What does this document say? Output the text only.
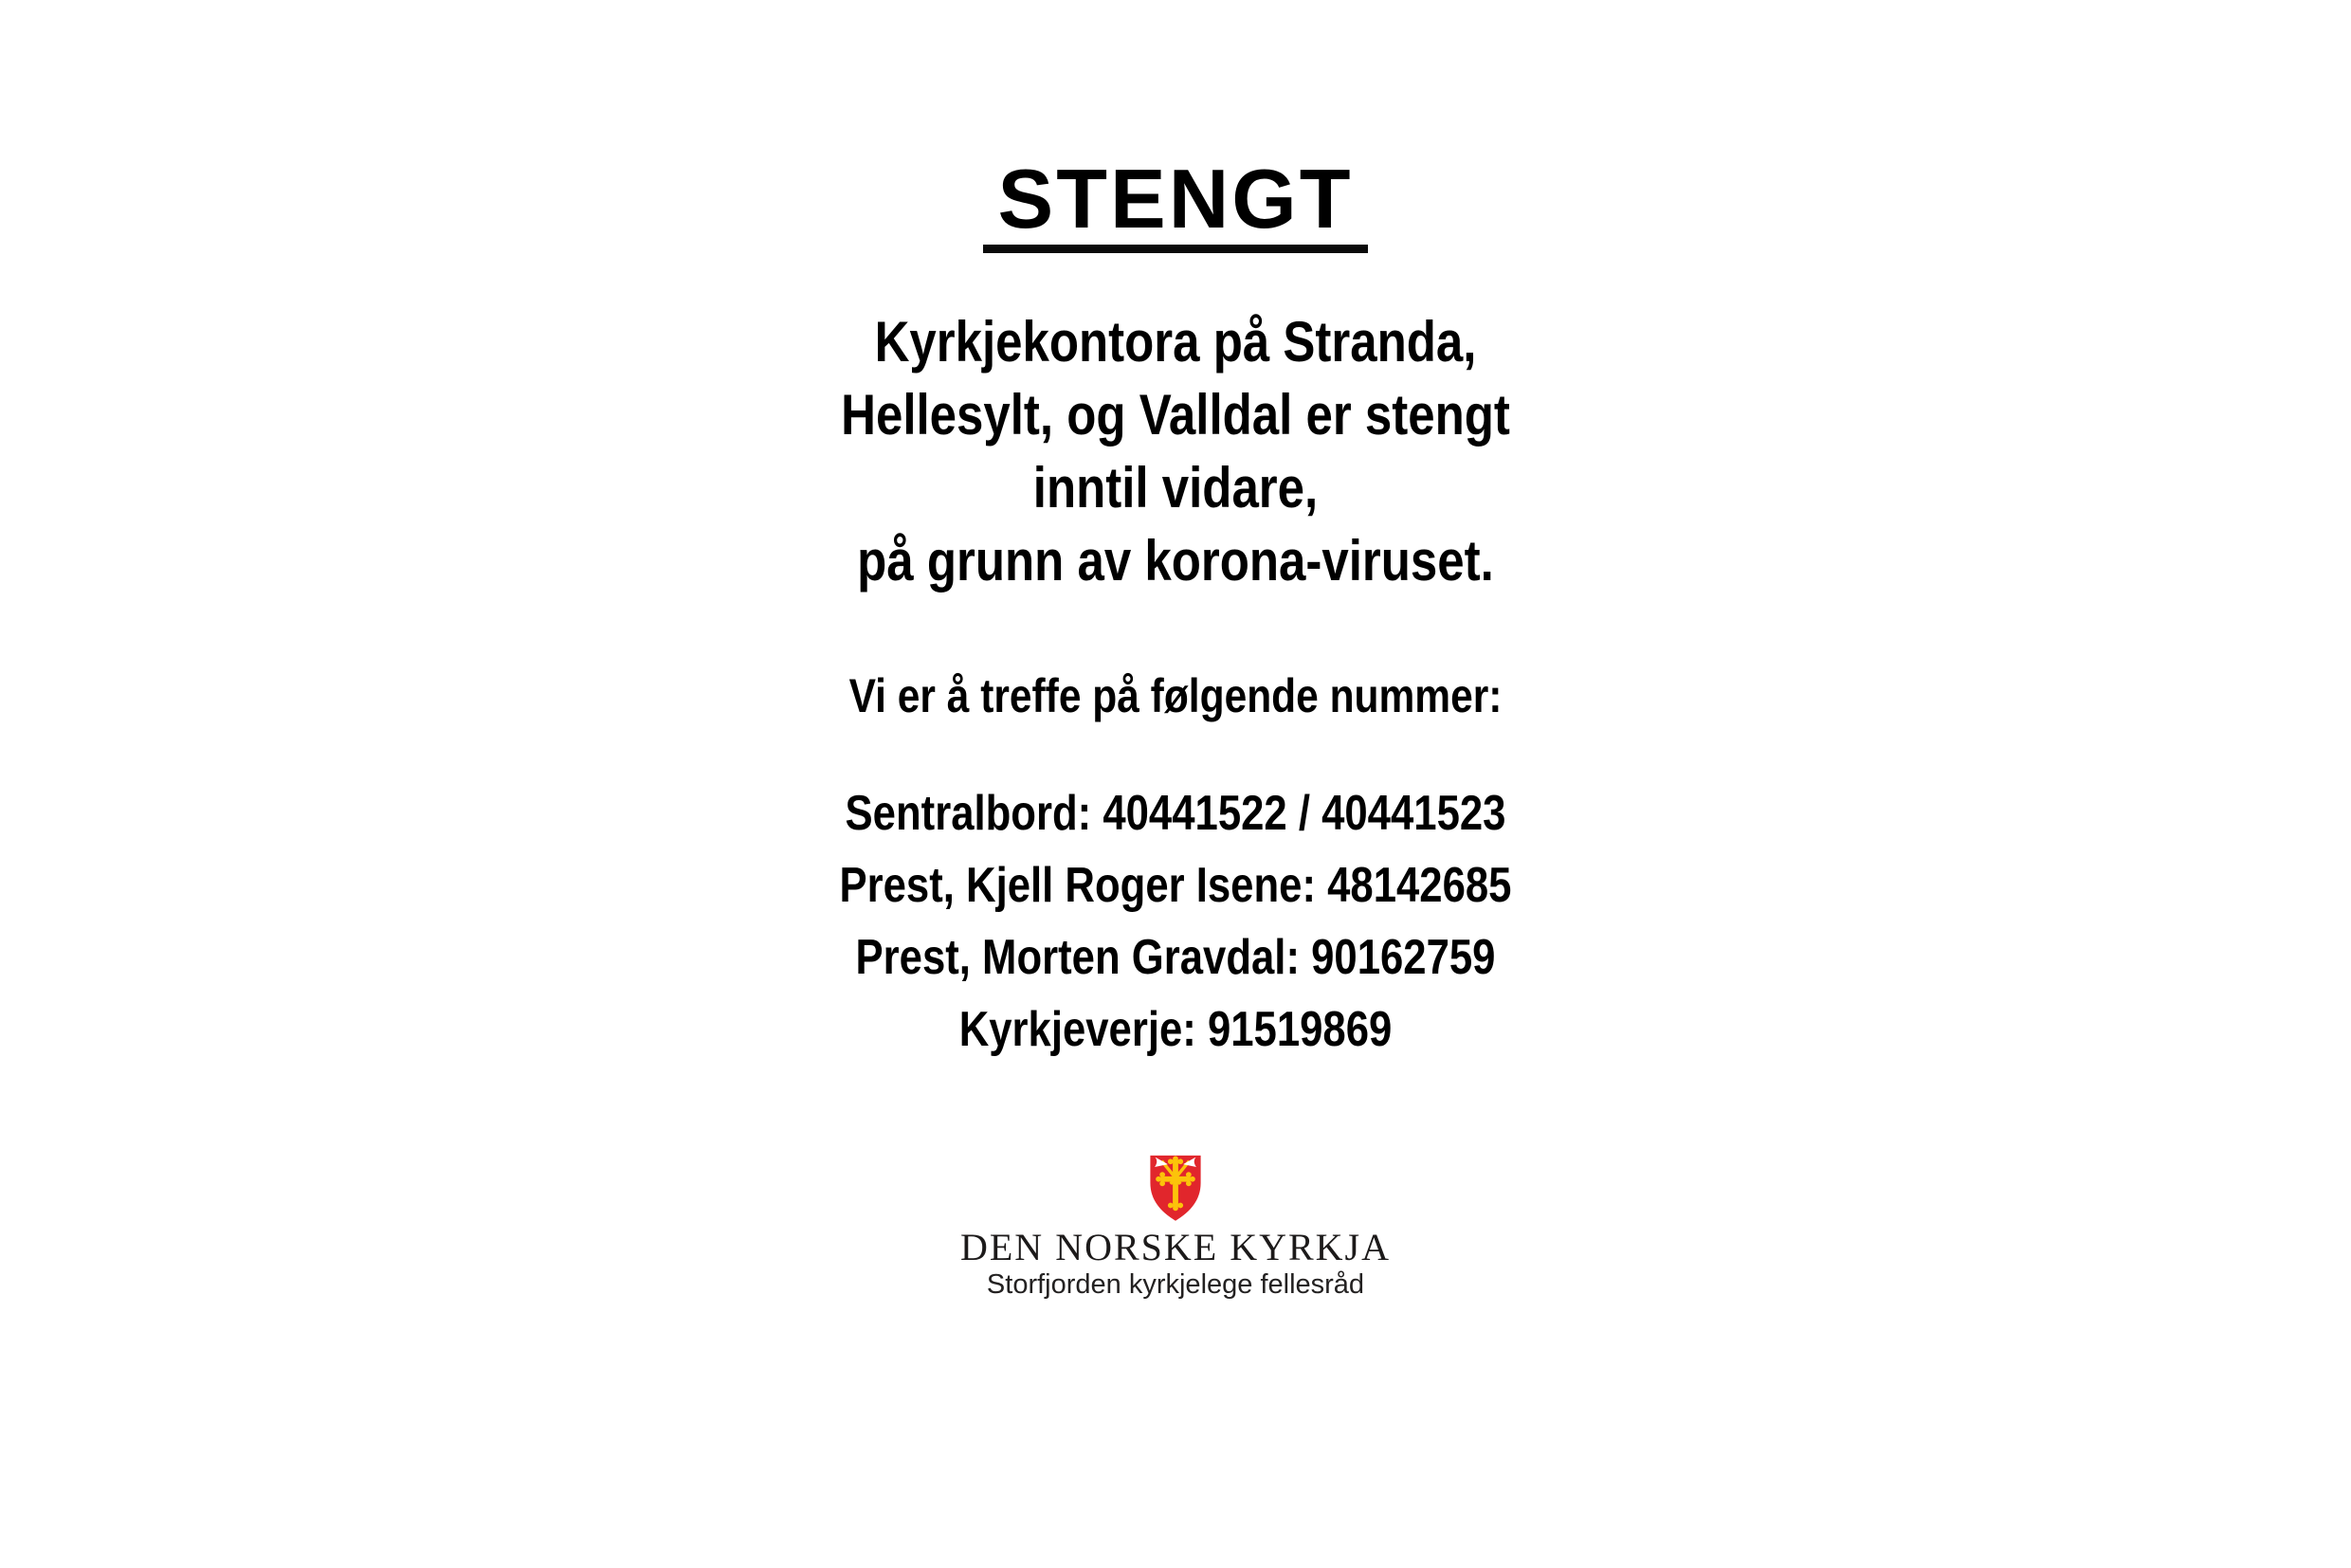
STENGT
Kyrkjekontora på Stranda,
Hellesylt, og Valldal er stengt
inntil vidare,
på grunn av korona-viruset.
Vi er å treffe på følgende nummer:
Sentralbord: 40441522 / 40441523
Prest, Kjell Roger Isene: 48142685
Prest, Morten Gravdal: 90162759
Kyrkjeverje: 91519869
DEN NORSKE KYRKJA
Storfjorden kyrkjelege fellesråd
